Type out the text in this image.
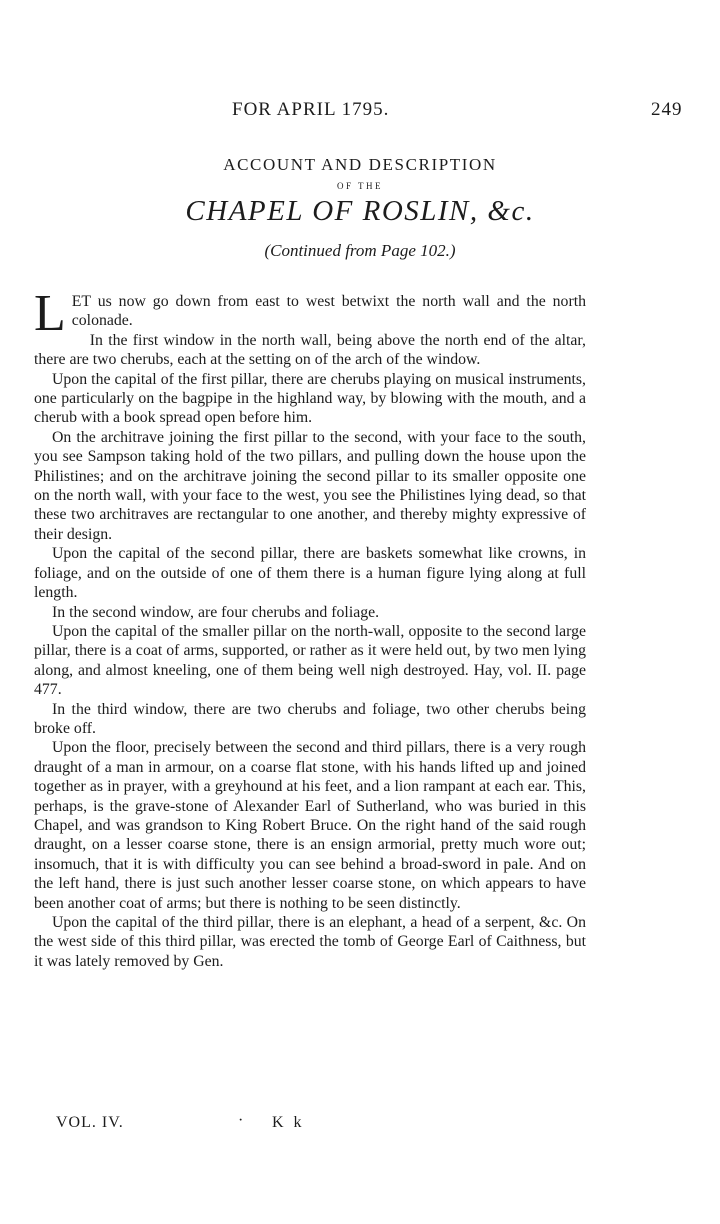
FOR APRIL 1795.	249
ACCOUNT AND DESCRIPTION
OF THE
CHAPEL OF ROSLIN, &c.
(Continued from Page 102.)

LET us now go down from east to west betwixt the north wall and the north colonade.

In the first window in the north wall, being above the north end of the altar, there are two cherubs, each at the setting on of the arch of the window.

Upon the capital of the first pillar, there are cherubs playing on musical instruments, one particularly on the bagpipe in the highland way, by blowing with the mouth, and a cherub with a book spread open before him.

On the architrave joining the first pillar to the second, with your face to the south, you see Sampson taking hold of the two pillars, and pulling down the house upon the Philistines; and on the architrave joining the second pillar to its smaller opposite one on the north wall, with your face to the west, you see the Philistines lying dead, so that these two architraves are rectangular to one another, and thereby mighty expressive of their design.

Upon the capital of the second pillar, there are baskets somewhat like crowns, in foliage, and on the outside of one of them there is a human figure lying along at full length.

In the second window, are four cherubs and foliage.

Upon the capital of the smaller pillar on the north-wall, opposite to the second large pillar, there is a coat of arms, supported, or rather as it were held out, by two men lying along, and almost kneeling, one of them being well nigh destroyed. Hay, vol. II. page 477.

In the third window, there are two cherubs and foliage, two other cherubs being broke off.

Upon the floor, precisely between the second and third pillars, there is a very rough draught of a man in armour, on a coarse flat stone, with his hands lifted up and joined together as in prayer, with a greyhound at his feet, and a lion rampant at each ear. This, perhaps, is the grave-stone of Alexander Earl of Sutherland, who was buried in this Chapel, and was grandson to King Robert Bruce. On the right hand of the said rough draught, on a lesser coarse stone, there is an ensign armorial, pretty much wore out; insomuch, that it is with difficulty you can see behind a broad-sword in pale. And on the left hand, there is just such another lesser coarse stone, on which appears to have been another coat of arms; but there is nothing to be seen distinctly.

Upon the capital of the third pillar, there is an elephant, a head of a serpent, &c. On the west side of this third pillar, was erected the tomb of George Earl of Caithness, but it was lately removed by Gen.

VOL. IV.	· K k
